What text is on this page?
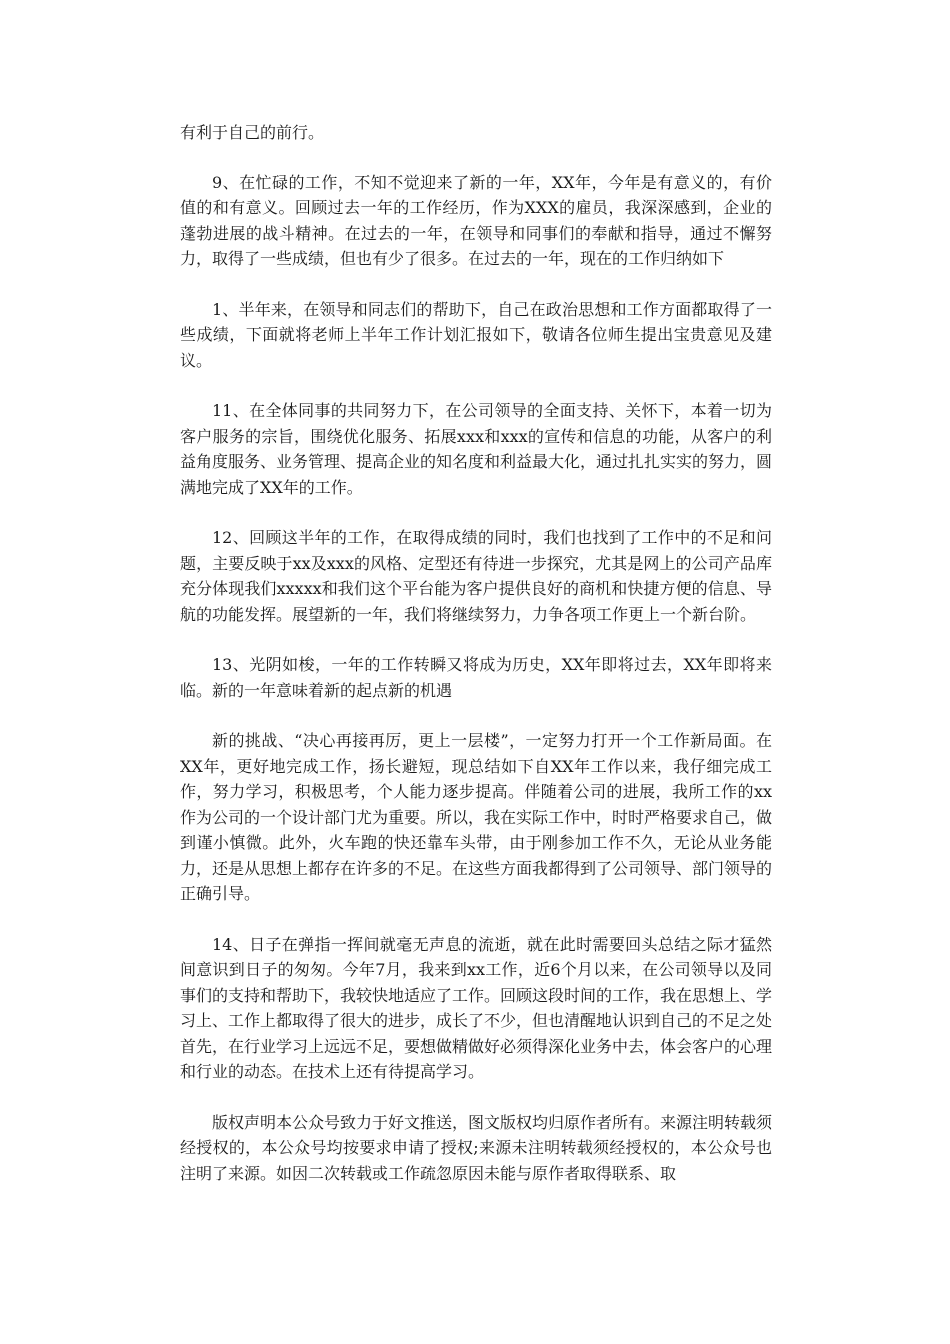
有利于自己的前行。

9、在忙碌的工作，不知不觉迎来了新的一年，XX年，今年是有意义的，有价值的和有意义。回顾过去一年的工作经历，作为XXX的雇员，我深深感到，企业的蓬勃进展的战斗精神。在过去的一年，在领导和同事们的奉献和指导，通过不懈努力，取得了一些成绩，但也有少了很多。在过去的一年，现在的工作归纳如下

1、半年来，在领导和同志们的帮助下，自己在政治思想和工作方面都取得了一些成绩，下面就将老师上半年工作计划汇报如下，敬请各位师生提出宝贵意见及建议。

11、在全体同事的共同努力下，在公司领导的全面支持、关怀下，本着一切为客户服务的宗旨，围绕优化服务、拓展xxx和xxx的宣传和信息的功能，从客户的利益角度服务、业务管理、提高企业的知名度和利益最大化，通过扎扎实实的努力，圆满地完成了XX年的工作。

12、回顾这半年的工作，在取得成绩的同时，我们也找到了工作中的不足和问题，主要反映于xx及xxx的风格、定型还有待进一步探究，尤其是网上的公司产品库充分体现我们xxxxx和我们这个平台能为客户提供良好的商机和快捷方便的信息、导航的功能发挥。展望新的一年，我们将继续努力，力争各项工作更上一个新台阶。

13、光阴如梭，一年的工作转瞬又将成为历史，XX年即将过去，XX年即将来临。新的一年意味着新的起点新的机遇

新的挑战、“决心再接再厉，更上一层楼”，一定努力打开一个工作新局面。在XX年，更好地完成工作，扬长避短，现总结如下自XX年工作以来，我仔细完成工作，努力学习，积极思考，个人能力逐步提高。伴随着公司的进展，我所工作的xx作为公司的一个设计部门尤为重要。所以，我在实际工作中，时时严格要求自己，做到谨小慎微。此外，火车跑的快还靠车头带，由于刚参加工作不久，无论从业务能力，还是从思想上都存在许多的不足。在这些方面我都得到了公司领导、部门领导的正确引导。

14、日子在弹指一挥间就毫无声息的流逝，就在此时需要回头总结之际才猛然间意识到日子的匆匆。今年7月，我来到xx工作，近6个月以来，在公司领导以及同事们的支持和帮助下，我较快地适应了工作。回顾这段时间的工作，我在思想上、学习上、工作上都取得了很大的进步，成长了不少，但也清醒地认识到自己的不足之处首先，在行业学习上远远不足，要想做精做好必须得深化业务中去，体会客户的心理和行业的动态。在技术上还有待提高学习。

版权声明本公众号致力于好文推送，图文版权均归原作者所有。来源注明转载须经授权的，本公众号均按要求申请了授权;来源未注明转载须经授权的，本公众号也注明了来源。如因二次转载或工作疏忽原因未能与原作者取得联系、取
